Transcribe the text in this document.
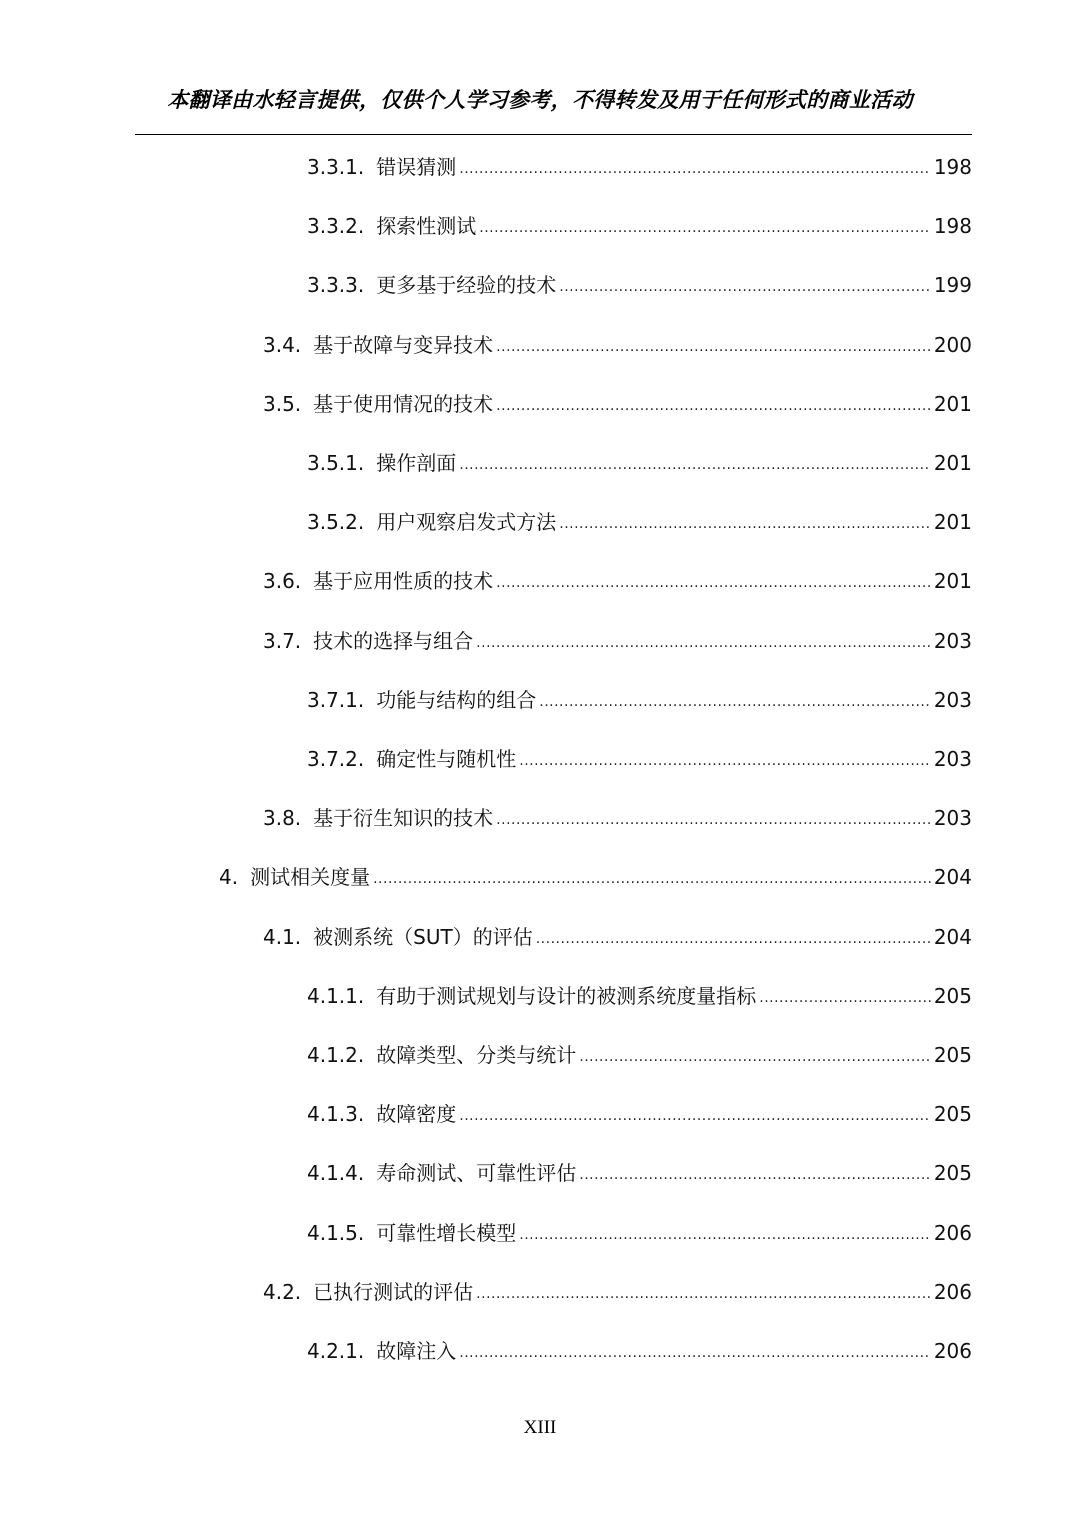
本翻译由水轻言提供，仅供个人学习参考，不得转发及用于任何形式的商业活动
3.3.1. 错误猜测 .....	198
3.3.2. 探索性测试 .....	198
3.3.3. 更多基于经验的技术 .....	199
3.4. 基于故障与变异技术 .....	200
3.5. 基于使用情况的技术 .....	201
3.5.1. 操作剖面 .....	201
3.5.2. 用户观察启发式方法 .....	201
3.6. 基于应用性质的技术 .....	201
3.7. 技术的选择与组合 .....	203
3.7.1. 功能与结构的组合 .....	203
3.7.2. 确定性与随机性 .....	203
3.8. 基于衍生知识的技术 .....	203
4. 测试相关度量 .....	204
4.1. 被测系统（SUT）的评估 .....	204
4.1.1. 有助于测试规划与设计的被测系统度量指标 .....	205
4.1.2. 故障类型、分类与统计 .....	205
4.1.3. 故障密度 .....	205
4.1.4. 寿命测试、可靠性评估 .....	205
4.1.5. 可靠性增长模型 .....	206
4.2. 已执行测试的评估 .....	206
4.2.1. 故障注入 .....	206
XIII
